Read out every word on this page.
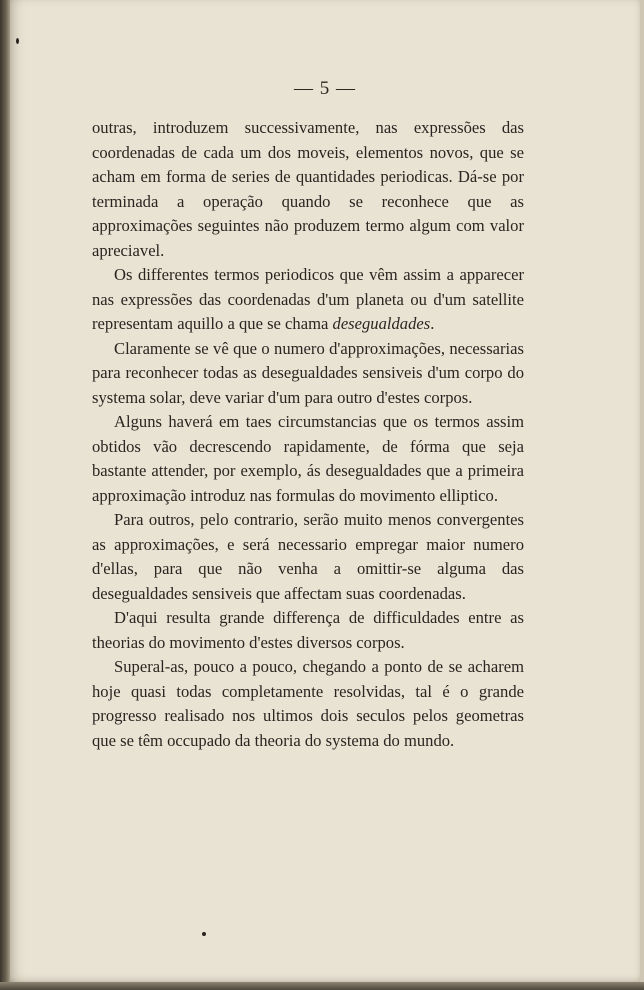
— 5 —

outras, introduzem successivamente, nas expressões das coordenadas de cada um dos moveis, elementos novos, que se acham em forma de series de quantidades periodicas. Dá-se por terminada a operação quando se reconhece que as approximações seguintes não produzem termo algum com valor apreciavel.

Os differentes termos periodicos que vêm assim a apparecer nas expressões das coordenadas d'um planeta ou d'um satellite representam aquillo a que se chama desegualdades.

Claramente se vê que o numero d'approximações, necessarias para reconhecer todas as desegualdades sensiveis d'um corpo do systema solar, deve variar d'um para outro d'estes corpos.

Alguns haverá em taes circumstancias que os termos assim obtidos vão decrescendo rapidamente, de fórma que seja bastante attender, por exemplo, ás desegualdades que a primeira approximação introduz nas formulas do movimento elliptico.

Para outros, pelo contrario, serão muito menos convergentes as approximações, e será necessario empregar maior numero d'ellas, para que não venha a omittir-se alguma das desegualdades sensiveis que affectam suas coordenadas.

D'aqui resulta grande differença de difficuldades entre as theorias do movimento d'estes diversos corpos.

Superal-as, pouco a pouco, chegando a ponto de se acharem hoje quasi todas completamente resolvidas, tal é o grande progresso realisado nos ultimos dois seculos pelos geometras que se têm occupado da theoria do systema do mundo.
